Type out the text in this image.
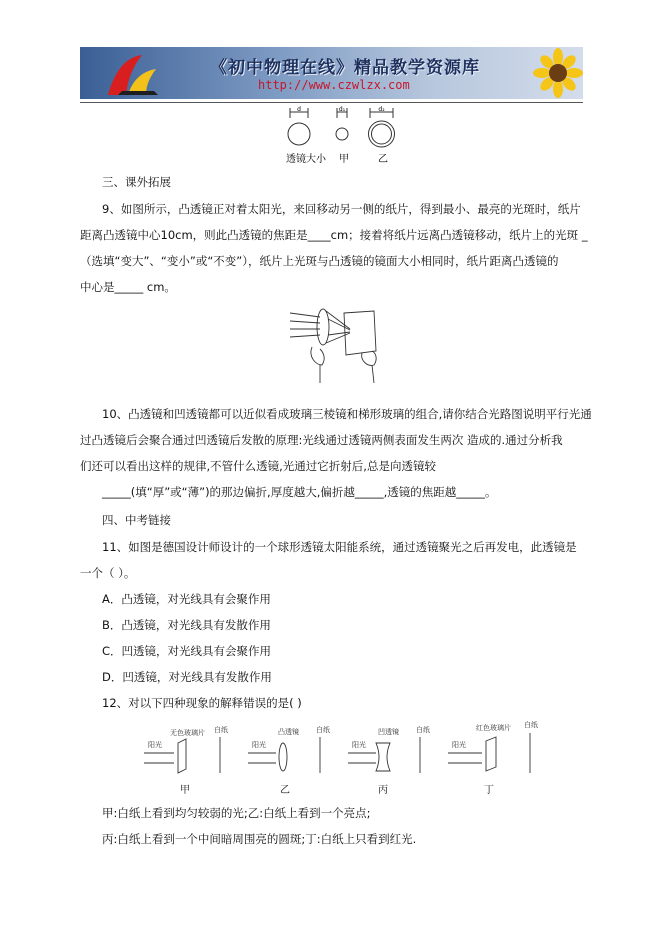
《初中物理在线》精品教学资源库
http://www.czwlzx.com
d	d₁	d₂
透镜大小 甲	乙
三、课外拓展
9、如图所示，凸透镜正对着太阳光，来回移动另一侧的纸片，得到最小、最亮的光斑时，纸片
距离凸透镜中心10cm，则此凸透镜的焦距是____cm；接着将纸片远离凸透镜移动，纸片上的光斑 _
（选填“变大”、“变小”或“不变”），纸片上光斑与凸透镜的镜面大小相同时，纸片距离凸透镜的
中心是_____ cm。
10、凸透镜和凹透镜都可以近似看成玻璃三棱镜和梯形玻璃的组合,请你结合光路图说明平行光通
过凸透镜后会聚合通过凹透镜后发散的原理:光线通过透镜两侧表面发生两次 造成的.通过分析我
们还可以看出这样的规律,不管什么透镜,光通过它折射后,总是向透镜较
_____(填“厚”或“薄”)的那边偏折,厚度越大,偏折越_____,透镜的焦距越_____。
四、中考链接
11、如图是德国设计师设计的一个球形透镜太阳能系统，通过透镜聚光之后再发电，此透镜是
一个（ ）。
A．凸透镜，对光线具有会聚作用
B．凸透镜，对光线具有发散作用
C．凹透镜，对光线具有会聚作用
D．凹透镜，对光线具有发散作用
12、对以下四种现象的解释错误的是( )
阳光	阳光	阳光	阳光
无色玻璃片 白纸	凸透镜 白纸	凹透镜 白纸	红色玻璃片 白纸
甲	乙	丙	丁
甲:白纸上看到均匀较弱的光;乙:白纸上看到一个亮点;
丙:白纸上看到一个中间暗周围亮的圆斑;丁:白纸上只看到红光.
